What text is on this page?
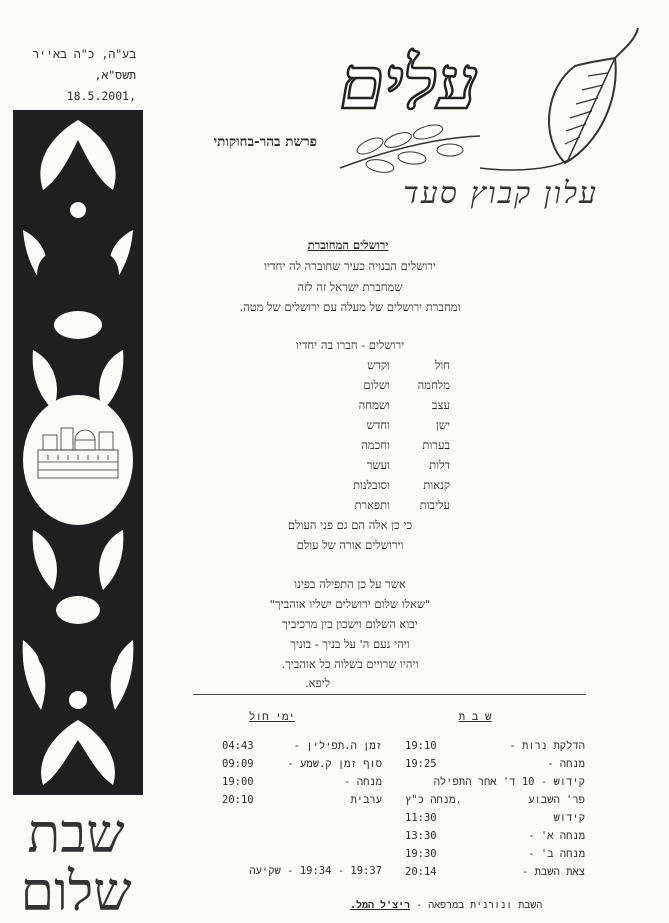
בע"ה, כ"ה באייר תשס"א,
,18.5.2001	עלים
פרשת בהר-בחוקותי
עלון קבוץ סעד
ירושלים המחוברת
ירושלים הבנויה כעיר שחוברה לה יחדיו
שמחברת ישראל זה לזה
ומחברת ירושלים של מעלה עם ירושלים של מטה.
ירושלים - חברו בה יחדיו
חולוקדש
מלחמהושלום
עצבושמחה
ישןוחדש
בערותוחכמה
דלותועשר
קנאותוסובלנות
עליבותותפארת
כי כן אלה הם גם פני העולם
וירושלים אורה של עולם
אשר על כן התפילה בפינו
"שאלו שלום ירושלים ישליו אוהביך"
יבוא השלום וישכון בין מרכיביך
ויהי נעם ה' על בניך - בוניך
ויהיו שרויים בשלוה כל אוהביך.
ליפא.
שבת
שלום
ש ב ת
ימי חול
הדלקת נרות -
19:10
מנחה -
19:25
קידוש - 10 ד' אחר התפילה
פר' השבוע
מנחה כ"ץ.
קידוש
11:30
מנחה א' -
13:30
מנחה ב' -
19:30
צאת השבת -
20:14
זמן ה.תפילין -
04:43
סוף זמן ק.שמע -
09:09
מנחה -
19:00
ערבית
20:10
19:37 - 19:34 - שקיעה
השבת ונורנית במרפאה - ריצ'ל המל.
